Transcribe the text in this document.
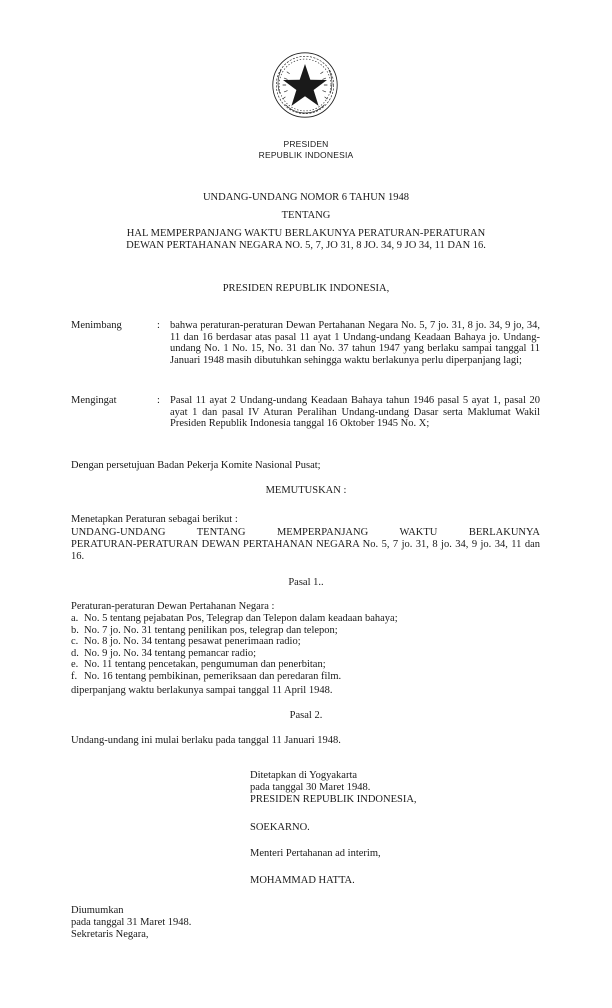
PRESIDEN
REPUBLIK INDONESIA
UNDANG-UNDANG NOMOR 6 TAHUN 1948
TENTANG
HAL MEMPERPANJANG WAKTU BERLAKUNYA PERATURAN-PERATURAN
DEWAN PERTAHANAN NEGARA NO. 5, 7, JO 31, 8 JO. 34, 9 JO 34, 11 DAN 16.
PRESIDEN REPUBLIK INDONESIA,
Menimbang	: bahwa peraturan-peraturan Dewan Pertahanan Negara No. 5, 7 jo. 31, 8 jo. 34, 9 jo, 34, 11 dan 16 berdasar atas pasal 11 ayat 1 Undang-undang Keadaan Bahaya jo. Undang-undang No. 1 No. 15, No. 31 dan No. 37 tahun 1947 yang berlaku sampai tanggal 11 Januari 1948 masih dibutuhkan sehingga waktu berlakunya perlu diperpanjang lagi;
Mengingat	: Pasal 11 ayat 2 Undang-undang Keadaan Bahaya tahun 1946 pasal 5 ayat 1, pasal 20 ayat 1 dan pasal IV Aturan Peralihan Undang-undang Dasar serta Maklumat Wakil Presiden Republik Indonesia tanggal 16 Oktober 1945 No. X;
Dengan persetujuan Badan Pekerja Komite Nasional Pusat;
MEMUTUSKAN :
Menetapkan Peraturan sebagai berikut :
UNDANG-UNDANG TENTANG MEMPERPANJANG WAKTU BERLAKUNYA
PERATURAN-PERATURAN DEWAN PERTAHANAN NEGARA No. 5, 7 jo. 31, 8 jo. 34, 9 jo. 34, 11 dan 16.
Pasal 1..
Peraturan-peraturan Dewan Pertahanan Negara :
a. No. 5 tentang pejabatan Pos, Telegrap dan Telepon dalam keadaan bahaya;
b. No. 7 jo. No. 31 tentang penilikan pos, telegrap dan telepon;
c. No. 8 jo. No. 34 tentang pesawat penerimaan radio;
d. No. 9 jo. No. 34 tentang pemancar radio;
e. No. 11 tentang pencetakan, pengumuman dan penerbitan;
f. No. 16 tentang pembikinan, pemeriksaan dan peredaran film.
diperpanjang waktu berlakunya sampai tanggal 11 April 1948.
Pasal 2.
Undang-undang ini mulai berlaku pada tanggal 11 Januari 1948.
Ditetapkan di Yogyakarta
pada tanggal 30 Maret 1948.
PRESIDEN REPUBLIK INDONESIA,
SOEKARNO.
Menteri Pertahanan ad interim,
MOHAMMAD HATTA.
Diumumkan
pada tanggal 31 Maret 1948.
Sekretaris Negara,
